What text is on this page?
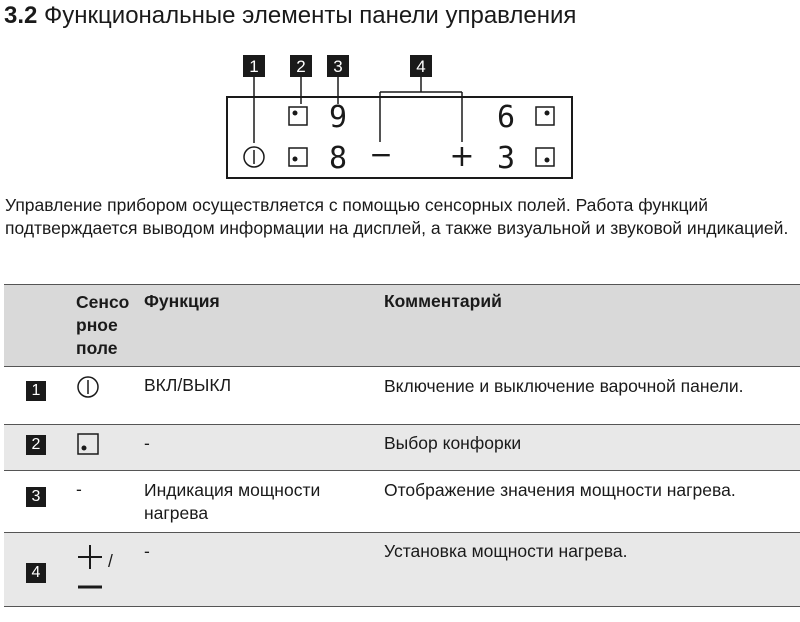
3.2 Функциональные элементы панели управления
1 2 3	4
9
8
6
3
− +
Управление прибором осуществляется с помощью сенсорных полей. Работа функций подтверждается выводом информации на дисплей, а также визуальной и звуковой индикацией.
	Сенсо рное поле	Функция	Комментарий
1		ВКЛ/ВЫКЛ	Включение и выключение варочной панели.
2		-	Выбор конфорки
3	-	Индикация мощности нагрева	Отображение значения мощности нагрева.
4	/	-	Установка мощности нагрева.
